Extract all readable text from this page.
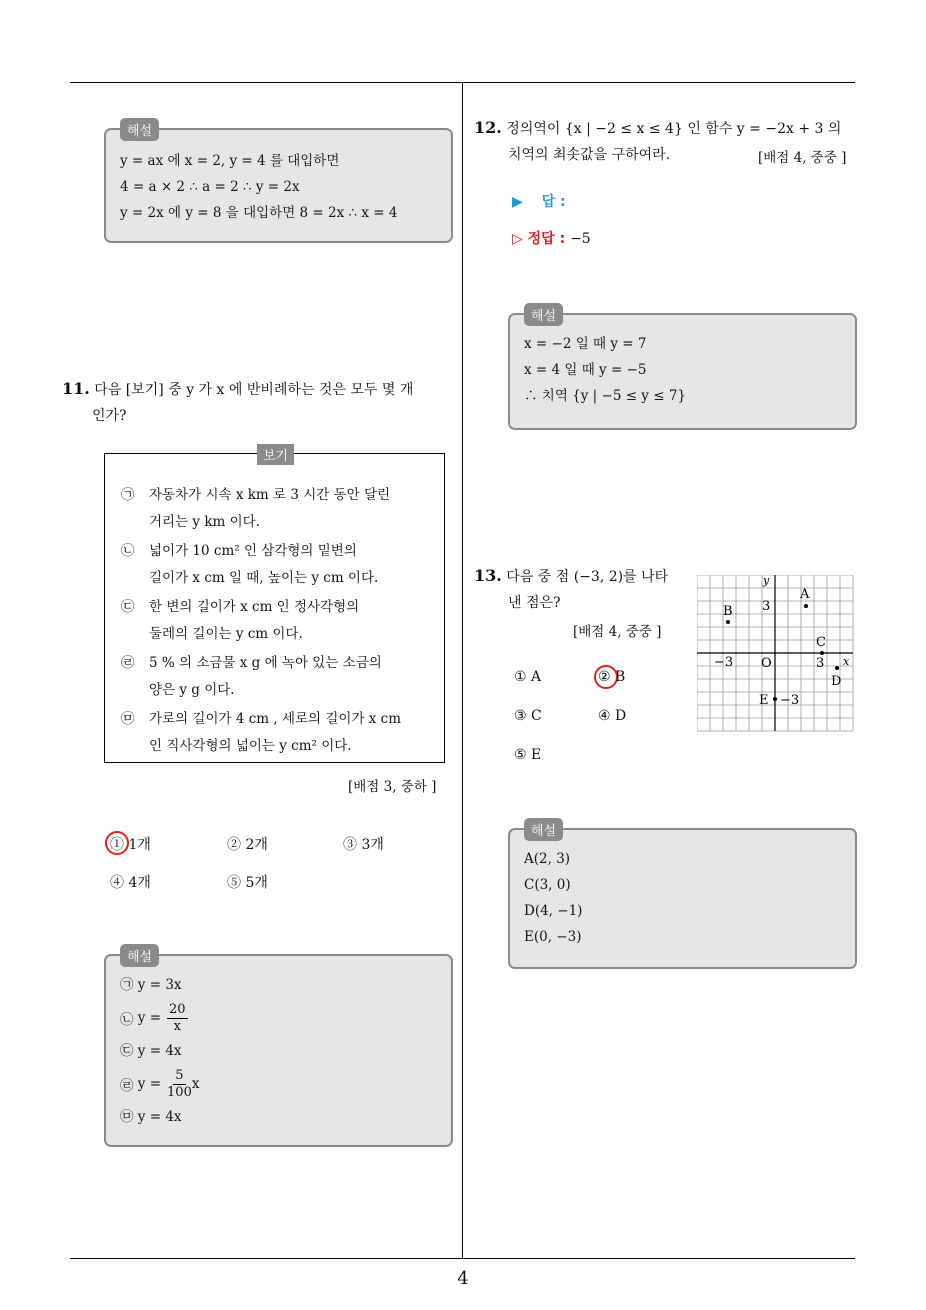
해설
y = ax 에 x = 2, y = 4 를 대입하면
4 = a × 2 ∴ a = 2 ∴ y = 2x
y = 2x 에 y = 8 을 대입하면 8 = 2x ∴ x = 4
11. 다음 [보기] 중 y 가 x 에 반비례하는 것은 모두 몇 개
인가?
보기
㉠ 자동차가 시속 x km 로 3 시간 동안 달린
거리는 y km 이다.
㉡ 넓이가 10 cm² 인 삼각형의 밑변의
길이가 x cm 일 때, 높이는 y cm 이다.
㉢ 한 변의 길이가 x cm 인 정사각형의
둘레의 길이는 y cm 이다.
㉣ 5 % 의 소금물 x g 에 녹아 있는 소금의
양은 y g 이다.
㉤ 가로의 길이가 4 cm , 세로의 길이가 x cm
인 직사각형의 넓이는 y cm² 이다.
[배점 3, 중하 ]
① 1개	② 2개	③ 3개
④ 4개	⑤ 5개
해설
㉠ y = 3x
㉡
$y = \frac{20}{x}$
㉢ y = 4x
㉣
$y = \frac{5}{100}$ x
㉤ y = 4x
12. 정의역이 {x | −2 ≤ x ≤ 4} 인 함수 y = −2x + 3 의
치역의 최솟값을 구하여라.	[배점 4, 중중 ]
▶ 답 :
▷ 정답 : −5
해설
x = −2 일 때 y = 7
x = 4 일 때 y = −5
∴ 치역 {y | −5 ≤ y ≤ 7}
13. 다음 중 점 (−3, 2)를 나타
낸 점은?
[배점 4, 중중 ]
① A	② B
③ C	④ D
⑤ E
y
x
O
3
3
−3
−3
A
B
C
D
E
해설
A(2, 3)
C(3, 0)
D(4, −1)
E(0, −3)
4
